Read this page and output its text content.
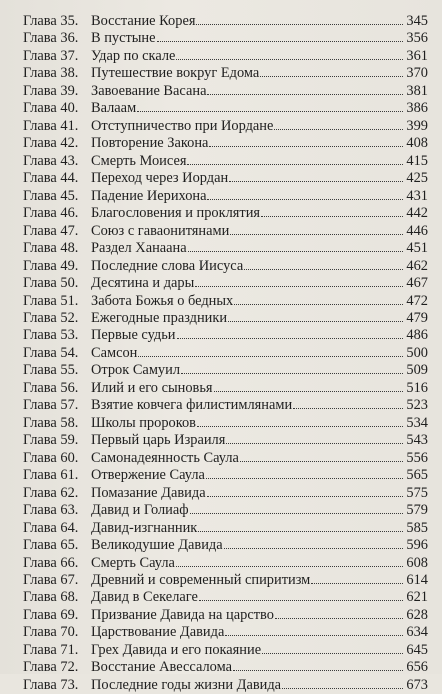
Глава 35. Восстание Корея	345
Глава 36. В пустыне	356
Глава 37. Удар по скале	361
Глава 38. Путешествие вокруг Едома	370
Глава 39. Завоевание Васана	381
Глава 40. Валаам	386
Глава 41. Отступничество при Иордане	399
Глава 42. Повторение Закона	408
Глава 43. Смерть Моисея	415
Глава 44. Переход через Иордан	425
Глава 45. Падение Иерихона	431
Глава 46. Благословения и проклятия	442
Глава 47. Союз с гаваонитянами	446
Глава 48. Раздел Ханаана	451
Глава 49. Последние слова Иисуса	462
Глава 50. Десятина и дары	467
Глава 51. Забота Божья о бедных	472
Глава 52. Ежегодные праздники	479
Глава 53. Первые судьи	486
Глава 54. Самсон	500
Глава 55. Отрок Самуил	509
Глава 56. Илий и его сыновья	516
Глава 57. Взятие ковчега филистимлянами	523
Глава 58. Школы пророков	534
Глава 59. Первый царь Израиля	543
Глава 60. Самонадеянность Саула	556
Глава 61. Отвержение Саула	565
Глава 62. Помазание Давида	575
Глава 63. Давид и Голиаф	579
Глава 64. Давид-изгнанник	585
Глава 65. Великодушие Давида	596
Глава 66. Смерть Саула	608
Глава 67. Древний и современный спиритизм	614
Глава 68. Давид в Секелаге	621
Глава 69. Призвание Давида на царство	628
Глава 70. Царствование Давида	634
Глава 71. Грех Давида и его покаяние	645
Глава 72. Восстание Авессалома	656
Глава 73. Последние годы жизни Давида	673
